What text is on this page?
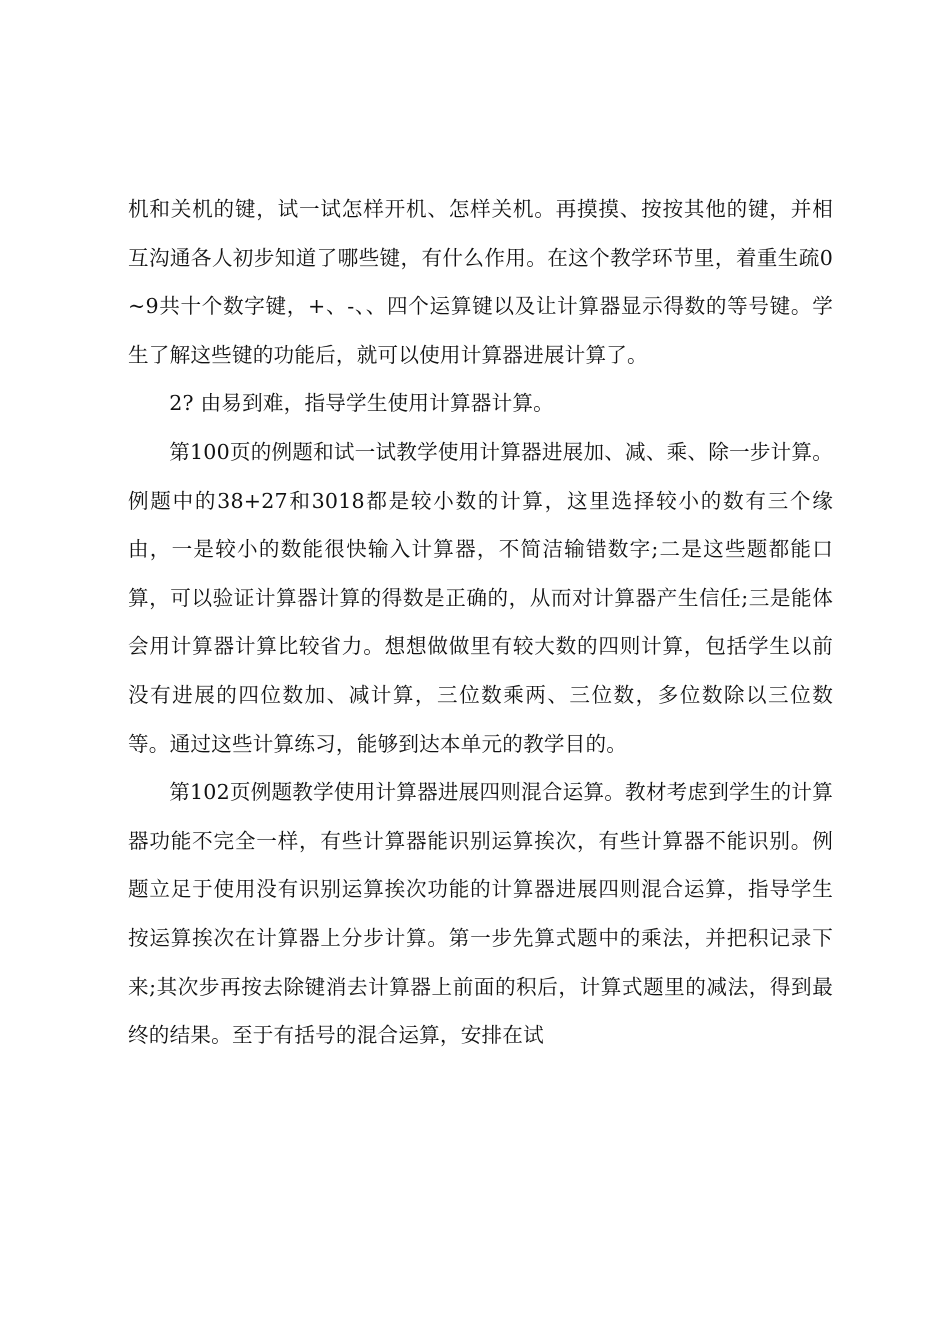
机和关机的键，试一试怎样开机、怎样关机。再摸摸、按按其他的键，并相互沟通各人初步知道了哪些键，有什么作用。在这个教学环节里，着重生疏0~9共十个数字键，+、-、、四个运算键以及让计算器显示得数的等号键。学生了解这些键的功能后，就可以使用计算器进展计算了。

2? 由易到难，指导学生使用计算器计算。

第100页的例题和试一试教学使用计算器进展加、减、乘、除一步计算。例题中的38+27和3018都是较小数的计算，这里选择较小的数有三个缘由，一是较小的数能很快输入计算器，不简洁输错数字;二是这些题都能口算，可以验证计算器计算的得数是正确的，从而对计算器产生信任;三是能体会用计算器计算比较省力。想想做做里有较大数的四则计算，包括学生以前没有进展的四位数加、减计算，三位数乘两、三位数，多位数除以三位数等。通过这些计算练习，能够到达本单元的教学目的。

第102页例题教学使用计算器进展四则混合运算。教材考虑到学生的计算器功能不完全一样，有些计算器能识别运算挨次，有些计算器不能识别。例题立足于使用没有识别运算挨次功能的计算器进展四则混合运算，指导学生按运算挨次在计算器上分步计算。第一步先算式题中的乘法，并把积记录下来;其次步再按去除键消去计算器上前面的积后，计算式题里的减法，得到最终的结果。至于有括号的混合运算，安排在试
